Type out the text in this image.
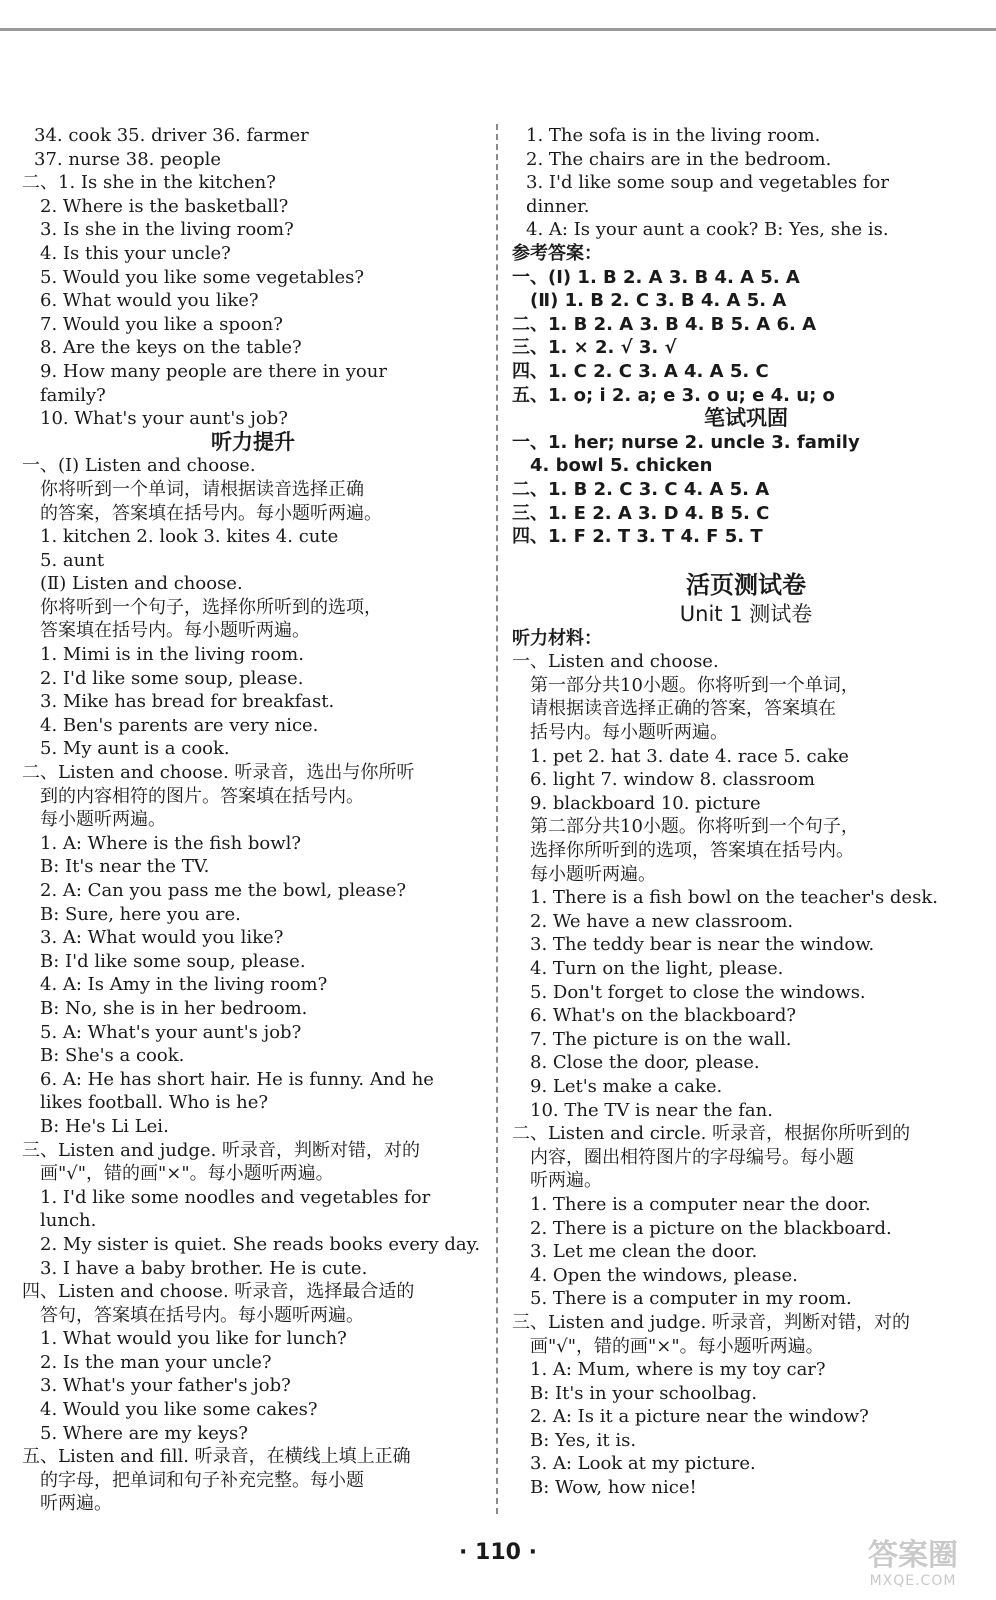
34. cook 35. driver 36. farmer
37. nurse 38. people
二、1. Is she in the kitchen?
2. Where is the basketball?
3. Is she in the living room?
4. Is this your uncle?
5. Would you like some vegetables?
6. What would you like?
7. Would you like a spoon?
8. Are the keys on the table?
9. How many people are there in your
family?
10. What's your aunt's job?
听力提升
一、(Ⅰ) Listen and choose.
你将听到一个单词，请根据读音选择正确
的答案，答案填在括号内。每小题听两遍。
1. kitchen 2. look 3. kites 4. cute
5. aunt
(Ⅱ) Listen and choose.
你将听到一个句子，选择你所听到的选项，
答案填在括号内。每小题听两遍。
1. Mimi is in the living room.
2. I'd like some soup, please.
3. Mike has bread for breakfast.
4. Ben's parents are very nice.
5. My aunt is a cook.
二、Listen and choose. 听录音，选出与你所听
到的内容相符的图片。答案填在括号内。
每小题听两遍。
1. A: Where is the fish bowl?
B: It's near the TV.
2. A: Can you pass me the bowl, please?
B: Sure, here you are.
3. A: What would you like?
B: I'd like some soup, please.
4. A: Is Amy in the living room?
B: No, she is in her bedroom.
5. A: What's your aunt's job?
B: She's a cook.
6. A: He has short hair. He is funny. And he
likes football. Who is he?
B: He's Li Lei.
三、Listen and judge. 听录音，判断对错，对的
画"√"，错的画"×"。每小题听两遍。
1. I'd like some noodles and vegetables for
lunch.
2. My sister is quiet. She reads books every day.
3. I have a baby brother. He is cute.
四、Listen and choose. 听录音，选择最合适的
答句，答案填在括号内。每小题听两遍。
1. What would you like for lunch?
2. Is the man your uncle?
3. What's your father's job?
4. Would you like some cakes?
5. Where are my keys?
五、Listen and fill. 听录音，在横线上填上正确
的字母，把单词和句子补充完整。每小题
听两遍。
1. The sofa is in the living room.
2. The chairs are in the bedroom.
3. I'd like some soup and vegetables for
dinner.
4. A: Is your aunt a cook? B: Yes, she is.
参考答案：
一、(Ⅰ) 1. B 2. A 3. B 4. A 5. A
(Ⅱ) 1. B 2. C 3. B 4. A 5. A
二、1. B 2. A 3. B 4. B 5. A 6. A
三、1. × 2. √ 3. √
四、1. C 2. C 3. A 4. A 5. C
五、1. o; i 2. a; e 3. o u; e 4. u; o
笔试巩固
一、1. her; nurse 2. uncle 3. family
4. bowl 5. chicken
二、1. B 2. C 3. C 4. A 5. A
三、1. E 2. A 3. D 4. B 5. C
四、1. F 2. T 3. T 4. F 5. T
活页测试卷
Unit 1 测试卷
听力材料：
一、Listen and choose.
第一部分共10小题。你将听到一个单词，
请根据读音选择正确的答案，答案填在
括号内。每小题听两遍。
1. pet 2. hat 3. date 4. race 5. cake
6. light 7. window 8. classroom
9. blackboard 10. picture
第二部分共10小题。你将听到一个句子，
选择你所听到的选项，答案填在括号内。
每小题听两遍。
1. There is a fish bowl on the teacher's desk.
2. We have a new classroom.
3. The teddy bear is near the window.
4. Turn on the light, please.
5. Don't forget to close the windows.
6. What's on the blackboard?
7. The picture is on the wall.
8. Close the door, please.
9. Let's make a cake.
10. The TV is near the fan.
二、Listen and circle. 听录音，根据你所听到的
内容，圈出相符图片的字母编号。每小题
听两遍。
1. There is a computer near the door.
2. There is a picture on the blackboard.
3. Let me clean the door.
4. Open the windows, please.
5. There is a computer in my room.
三、Listen and judge. 听录音，判断对错，对的
画"√"，错的画"×"。每小题听两遍。
1. A: Mum, where is my toy car?
B: It's in your schoolbag.
2. A: Is it a picture near the window?
B: Yes, it is.
3. A: Look at my picture.
B: Wow, how nice!
· 110 ·	答案圈
MXQE.COM
